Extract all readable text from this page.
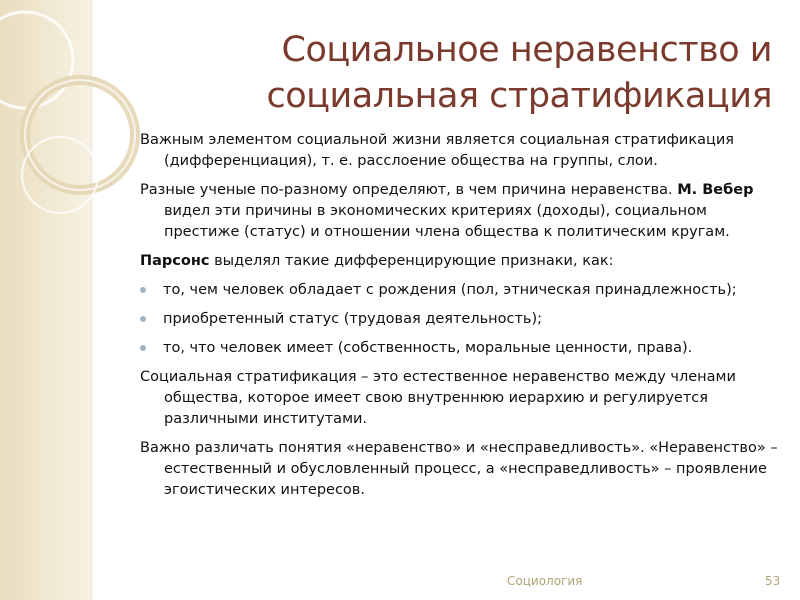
Социальное неравенство и
социальная стратификация

Важным элементом социальной жизни является социальная стратификация (дифференциация), т. е. расслоение общества на группы, слои.

Разные ученые по-разному определяют, в чем причина неравенства. М. Вебер видел эти причины в экономических критериях (доходы), социальном престиже (статус) и отношении члена общества к политическим кругам.

Парсонс выделял такие дифференцирующие признаки, как:

то, чем человек обладает с рождения (пол, этническая принадлежность);
приобретенный статус (трудовая деятельность);
то, что человек имеет (собственность, моральные ценности, права).

Социальная стратификация – это естественное неравенство между членами общества, которое имеет свою внутреннюю иерархию и регулируется различными институтами.

Важно различать понятия «неравенство» и «несправедливость». «Неравенство» – естественный и обусловленный процесс, а «несправедливость» – проявление эгоистических интересов.

Социология	53
